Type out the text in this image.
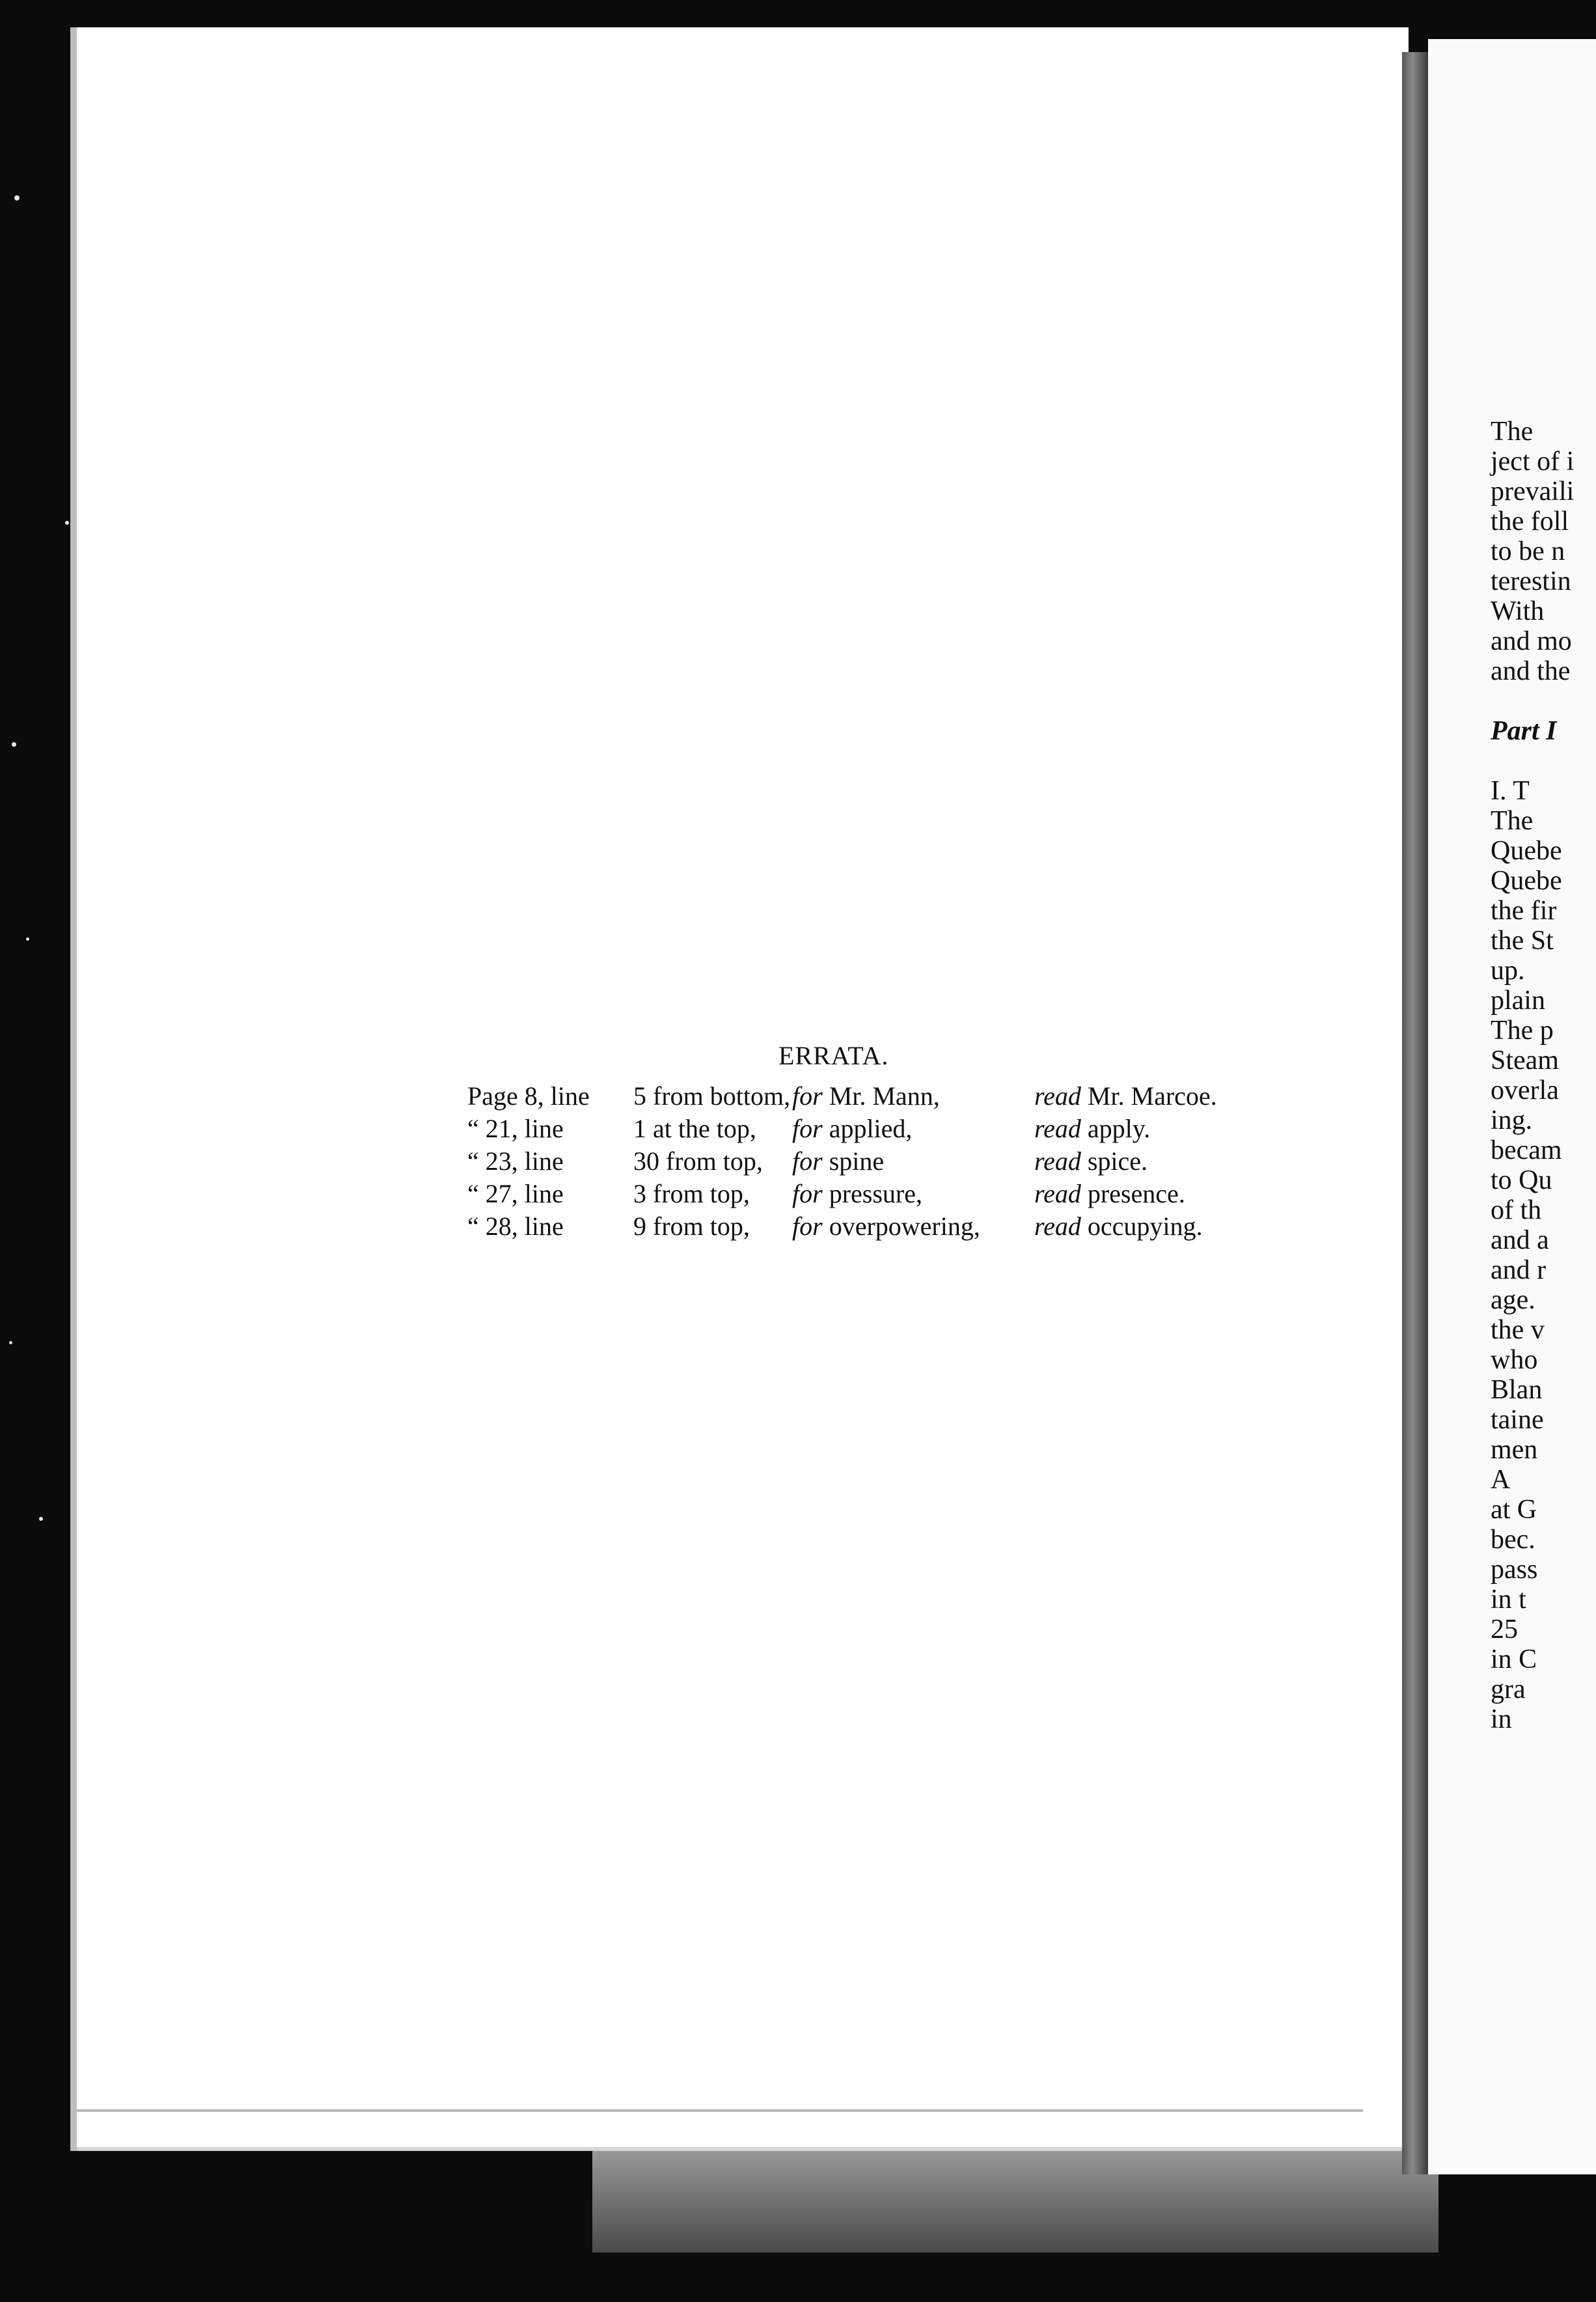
ERRATA.
Page 8, line	5 from bottom,	for Mr. Mann,	read Mr. Marcoe.
“ 21, line	1 at the top,	for applied,	read apply.
“ 23, line	30 from top,	for spine	read spice.
“ 27, line	3 from top,	for pressure,	read presence.
“ 28, line	9 from top,	for overpowering,	read occupying.
The
ject of i
prevaili
the foll
to be n
terestin
With
and mo
and the
Part I
I. T
The
Quebe
Quebe
the fir
the St
up.
plain
The p
Steam
overla
ing.
becam
to Qu
of th
and a
and r
age.
the v
who
Blan
taine
men
A
at G
bec.
pass
in t
25
in C
gra
in
